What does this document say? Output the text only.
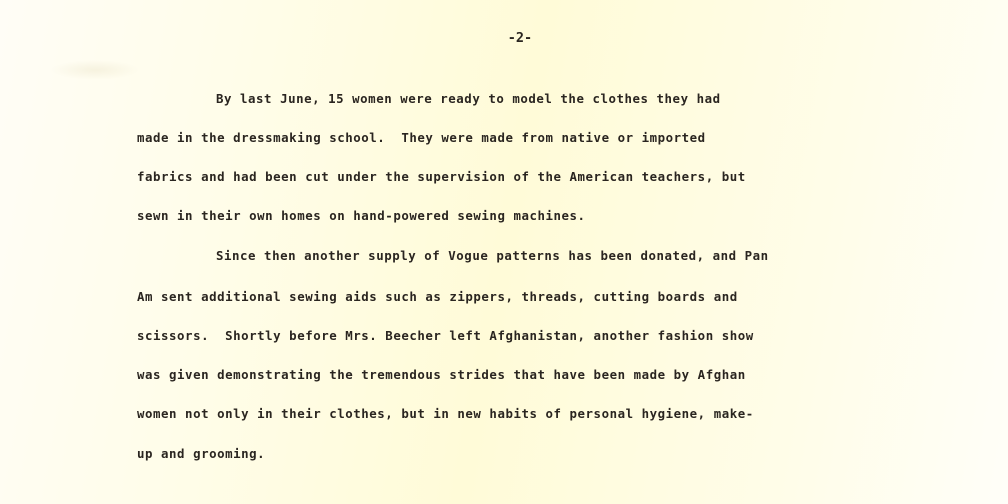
-2-
By last June, 15 women were ready to model the clothes they had
made in the dressmaking school.  They were made from native or imported
fabrics and had been cut under the supervision of the American teachers, but
sewn in their own homes on hand-powered sewing machines.
Since then another supply of Vogue patterns has been donated, and Pan
Am sent additional sewing aids such as zippers, threads, cutting boards and
scissors.  Shortly before Mrs. Beecher left Afghanistan, another fashion show
was given demonstrating the tremendous strides that have been made by Afghan
women not only in their clothes, but in new habits of personal hygiene, make-
up and grooming.
